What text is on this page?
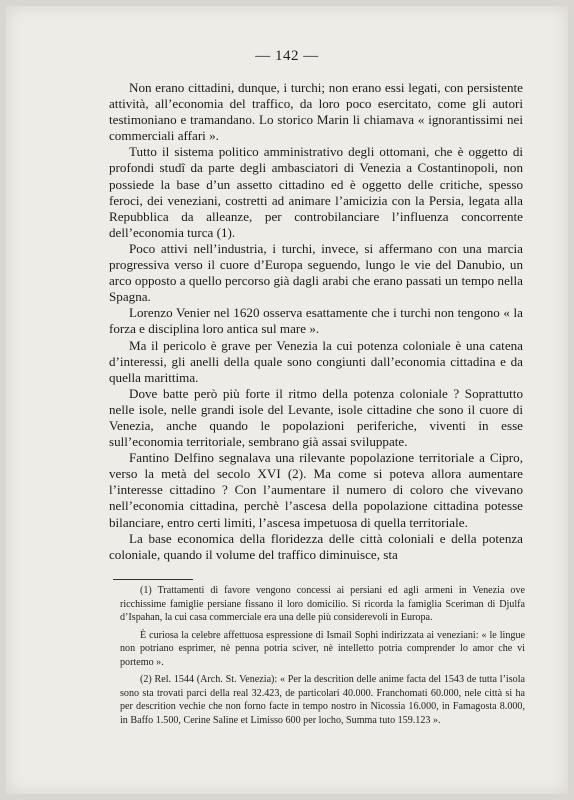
— 142 —

Non erano cittadini, dunque, i turchi; non erano essi legati, con persistente attività, all’economia del traffico, da loro poco esercitato, come gli autori testimoniano e tramandano. Lo storico Marin li chiamava « ignorantissimi nei commerciali affari ».

Tutto il sistema politico amministrativo degli ottomani, che è oggetto di profondi studî da parte degli ambasciatori di Venezia a Costantinopoli, non possiede la base d’un assetto cittadino ed è oggetto delle critiche, spesso feroci, dei veneziani, costretti ad animare l’amicizia con la Persia, legata alla Repubblica da alleanze, per controbilanciare l’influenza concorrente dell’economia turca (1).

Poco attivi nell’industria, i turchi, invece, si affermano con una marcia progressiva verso il cuore d’Europa seguendo, lungo le vie del Danubio, un arco opposto a quello percorso già dagli arabi che erano passati un tempo nella Spagna.

Lorenzo Venier nel 1620 osserva esattamente che i turchi non tengono « la forza e disciplina loro antica sul mare ».

Ma il pericolo è grave per Venezia la cui potenza coloniale è una catena d’interessi, gli anelli della quale sono congiunti dall’economia cittadina e da quella marittima.

Dove batte però più forte il ritmo della potenza coloniale ? Soprattutto nelle isole, nelle grandi isole del Levante, isole cittadine che sono il cuore di Venezia, anche quando le popolazioni periferiche, viventi in esse sull’economia territoriale, sembrano già assai sviluppate.

Fantino Delfino segnalava una rilevante popolazione territoriale a Cipro, verso la metà del secolo XVI (2). Ma come si poteva allora aumentare l’interesse cittadino ? Con l’aumentare il numero di coloro che vivevano nell’economia cittadina, perchè l’ascesa della popolazione cittadina potesse bilanciare, entro certi limiti, l’ascesa impetuosa di quella territoriale.

La base economica della floridezza delle città coloniali e della potenza coloniale, quando il volume del traffico diminuisce, sta

(1) Trattamenti di favore vengono concessi ai persiani ed agli armeni in Venezia ove ricchissime famiglie persiane fissano il loro domicilio. Si ricorda la famiglia Sceriman di Djulfa d’Ispahan, la cui casa commerciale era una delle più considerevoli in Europa.

È curiosa la celebre affettuosa espressione di Ismail Sophi indirizzata ai veneziani: « le lingue non potriano esprimer, nè penna potria sciver, nè intelletto potria comprender lo amor che vi portemo ».

(2) Rel. 1544 (Arch. St. Venezia): « Per la descrition delle anime facta del 1543 de tutta l’isola sono sta trovati parci della real 32.423, de particolari 40.000. Franchomati 60.000, nele città si ha per descrition vechie che non forno facte in tempo nostro in Nicossia 16.000, in Famagosta 8.000, in Baffo 1.500, Cerine Saline et Limisso 600 per locho, Summa tuto 159.123 ».
